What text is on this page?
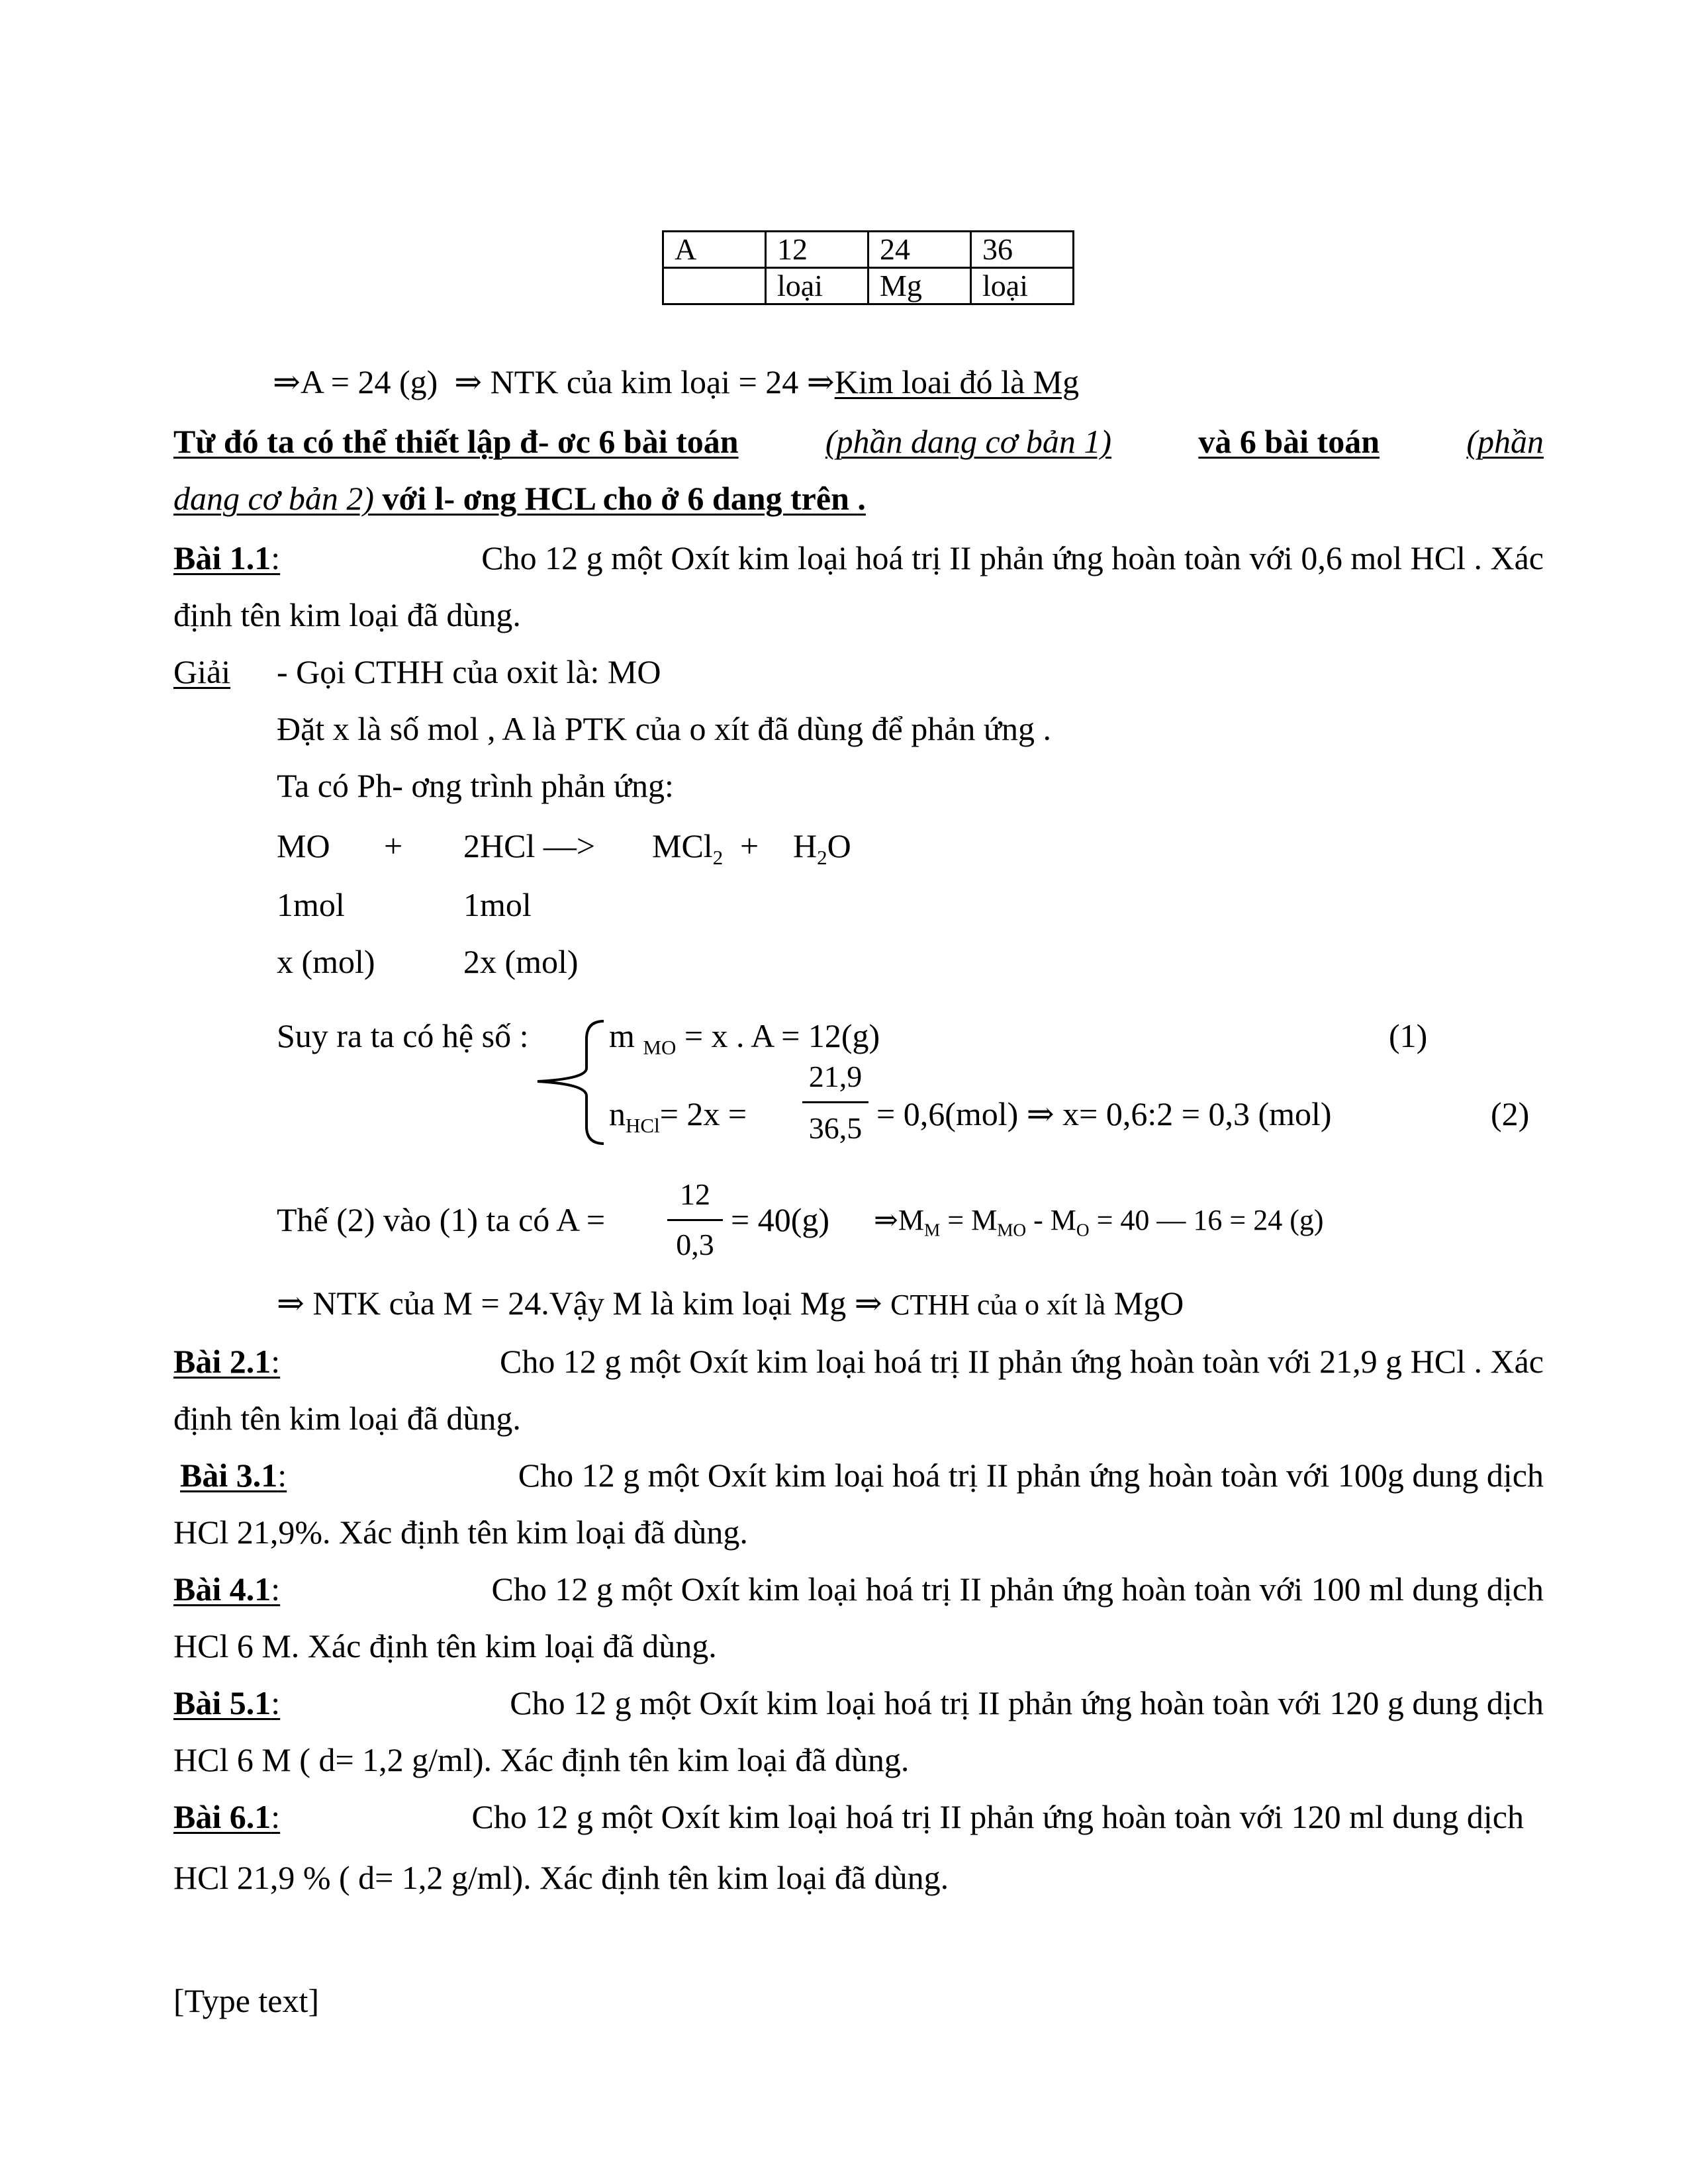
A	12	24	36
	loại	Mg	loại
⇒A = 24 (g) ⇒ NTK của kim loại = 24 ⇒Kim loai đó là Mg
Từ đó ta có thể thiết lập đ- ơc 6 bài toán	(phần dang cơ bản 1)	và 6 bài toán	(phần
dang cơ bản 2) với l- ơng HCL cho ở 6 dang trên .
Bài 1.1:	Cho 12 g một Oxít kim loại hoá trị II phản ứng hoàn toàn với 0,6 mol HCl . Xác
định tên kim loại đã dùng.
Giải - Gọi CTHH của oxit là: MO
Đặt x là số mol , A là PTK của o xít đã dùng để phản ứng .
Ta có Ph- ơng trình phản ứng:
MO + 2HCl —> $MCl_2 + H_2O$
1mol	1mol
x (mol)	2x (mol)
Suy ra ta có hệ số : m $_{MO}$ = x . A = 12(g)	(1)
$n_{HCl}= 2x$ =
21,9
36,5 = 0,6(mol) ⇒ x= 0,6:2 = 0,3 (mol)	(2)
Thế (2) vào (1) ta có A =
12
0,3
= 40(g) $\Rightarrow M_M = M_{MO} - M_O = 40$ — 16 = 24 (g)
⇒ NTK của M = 24.Vậy M là kim loại Mg ⇒ CTHH của o xít là MgO
Bài 2.1:	Cho 12 g một Oxít kim loại hoá trị II phản ứng hoàn toàn với 21,9 g HCl . Xác
định tên kim loại đã dùng.
Bài 3.1:	Cho 12 g một Oxít kim loại hoá trị II phản ứng hoàn toàn với 100g dung dịch
HCl 21,9%. Xác định tên kim loại đã dùng.
Bài 4.1:	Cho 12 g một Oxít kim loại hoá trị II phản ứng hoàn toàn với 100 ml dung dịch
HCl 6 M. Xác định tên kim loại đã dùng.
Bài 5.1:	Cho 12 g một Oxít kim loại hoá trị II phản ứng hoàn toàn với 120 g dung dịch
HCl 6 M ( d= 1,2 g/ml). Xác định tên kim loại đã dùng.
Bài 6.1:	Cho 12 g một Oxít kim loại hoá trị II phản ứng hoàn toàn với 120 ml dung dịch
HCl 21,9 % ( d= 1,2 g/ml). Xác định tên kim loại đã dùng.
[Type text]
